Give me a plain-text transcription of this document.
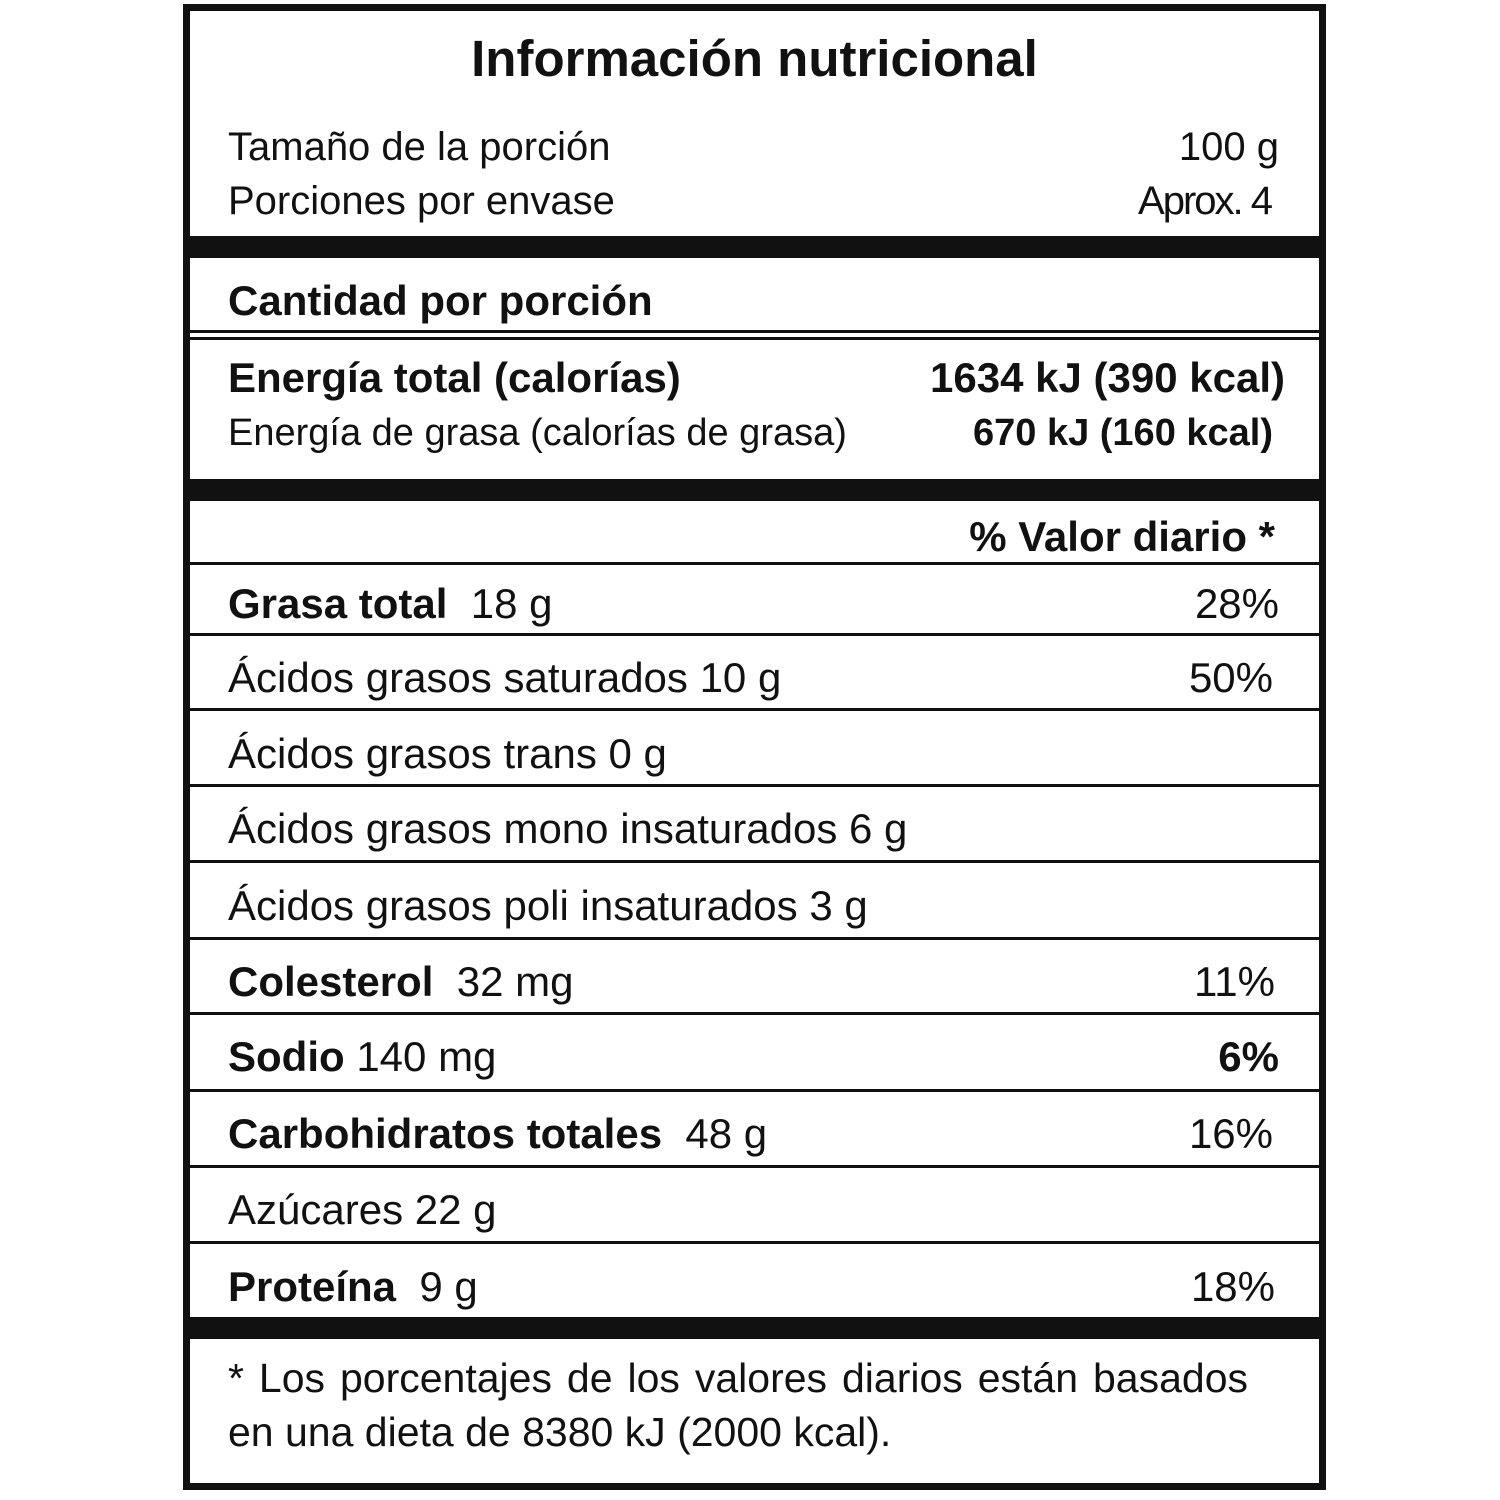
Información nutricional
Tamaño de la porción	100 g
Porciones por envase	Aprox. 4
Cantidad por porción
Energía total (calorías)	1634 kJ (390 kcal)
Energía de grasa (calorías de grasa)	670 kJ (160 kcal)
% Valor diario *
Grasa total 18 g	28%
Ácidos grasos saturados 10 g	50%
Ácidos grasos trans 0 g
Ácidos grasos mono insaturados 6 g
Ácidos grasos poli insaturados 3 g
Colesterol 32 mg	11%
Sodio 140 mg	6%
Carbohidratos totales 48 g	16%
Azúcares 22 g
Proteína 9 g	18%
* Los porcentajes de los valores diarios están basados en una dieta de 8380 kJ (2000 kcal).
